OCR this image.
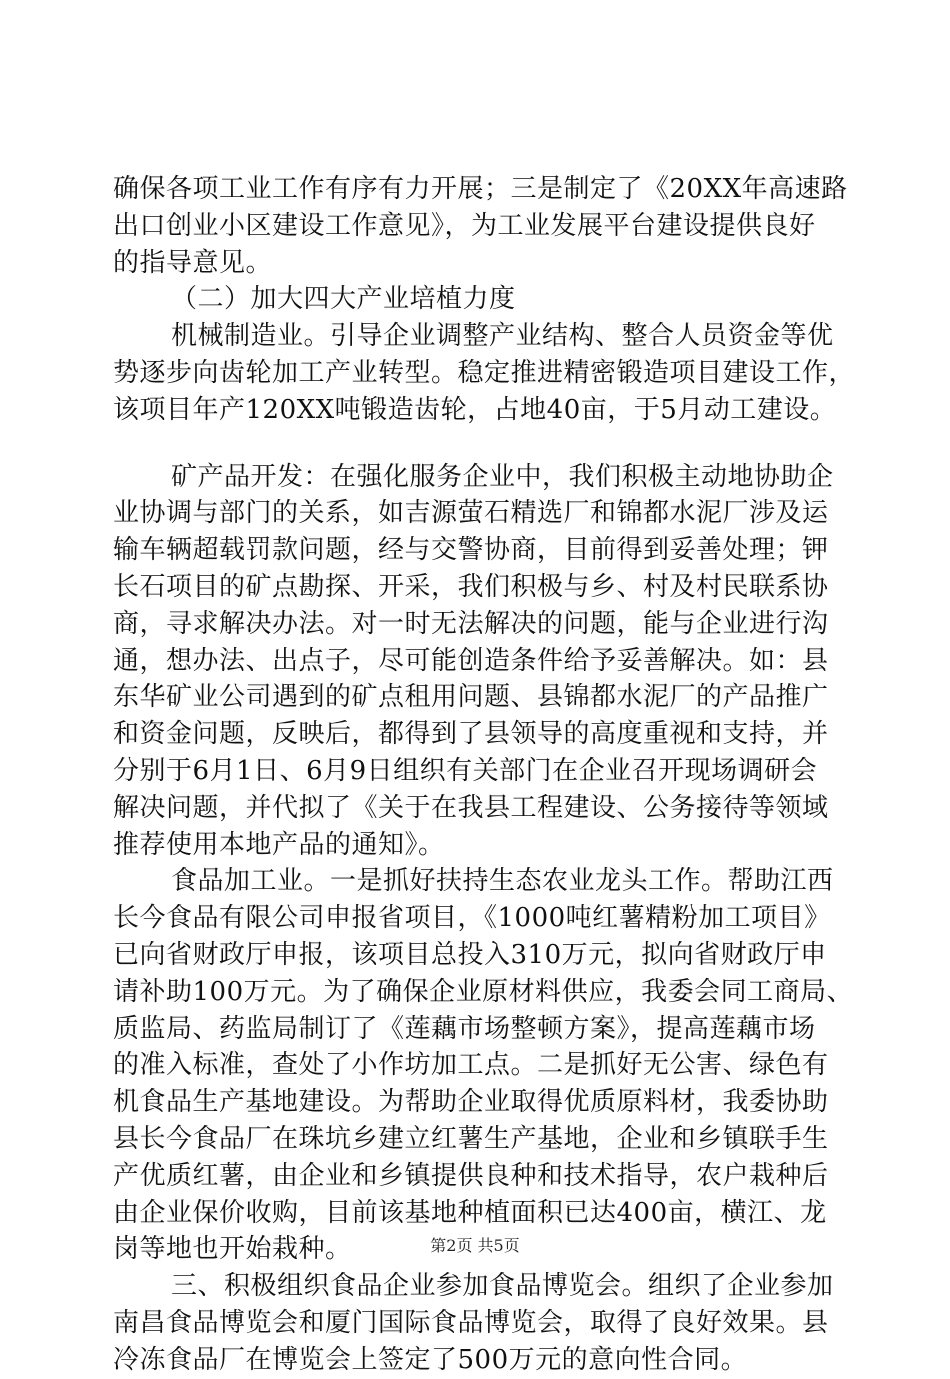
确保各项工业工作有序有力开展；三是制定了《20XX年高速路
出口创业小区建设工作意见》，为工业发展平台建设提供良好
的指导意见。
（二）加大四大产业培植力度
机械制造业。引导企业调整产业结构、整合人员资金等优
势逐步向齿轮加工产业转型。稳定推进精密锻造项目建设工作，
该项目年产120XX吨锻造齿轮，占地40亩，于5月动工建设。
矿产品开发：在强化服务企业中，我们积极主动地协助企
业协调与部门的关系，如吉源萤石精选厂和锦都水泥厂涉及运
输车辆超载罚款问题，经与交警协商，目前得到妥善处理；钾
长石项目的矿点勘探、开采，我们积极与乡、村及村民联系协
商，寻求解决办法。对一时无法解决的问题，能与企业进行沟
通，想办法、出点子，尽可能创造条件给予妥善解决。如：县
东华矿业公司遇到的矿点租用问题、县锦都水泥厂的产品推广
和资金问题，反映后，都得到了县领导的高度重视和支持，并
分别于6月1日、6月9日组织有关部门在企业召开现场调研会
解决问题，并代拟了《关于在我县工程建设、公务接待等领域
推荐使用本地产品的通知》。
食品加工业。一是抓好扶持生态农业龙头工作。帮助江西
长今食品有限公司申报省项目，《1000吨红薯精粉加工项目》
已向省财政厅申报，该项目总投入310万元，拟向省财政厅申
请补助100万元。为了确保企业原材料供应，我委会同工商局、
质监局、药监局制订了《莲藕市场整顿方案》，提高莲藕市场
的准入标准，查处了小作坊加工点。二是抓好无公害、绿色有
机食品生产基地建设。为帮助企业取得优质原料材，我委协助
县长今食品厂在珠坑乡建立红薯生产基地，企业和乡镇联手生
产优质红薯，由企业和乡镇提供良种和技术指导，农户栽种后
由企业保价收购，目前该基地种植面积已达400亩，横江、龙
岗等地也开始栽种。
三、积极组织食品企业参加食品博览会。组织了企业参加
南昌食品博览会和厦门国际食品博览会，取得了良好效果。县
冷冻食品厂在博览会上签定了500万元的意向性合同。
第2页 共5页
